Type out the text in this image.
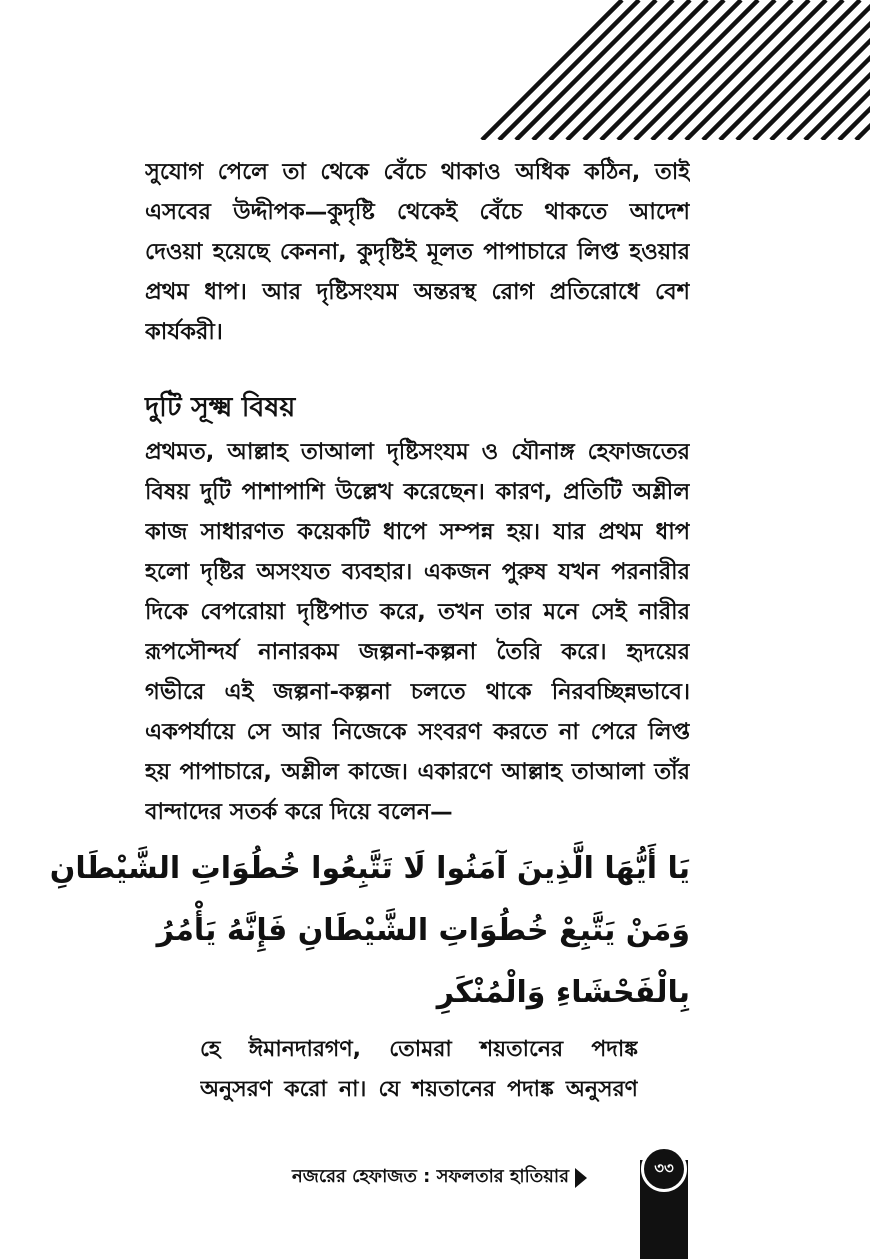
সুযোগ পেলে তা থেকে বেঁচে থাকাও অধিক কঠিন, তাই
এসবের উদ্দীপক—কুদৃষ্টি থেকেই বেঁচে থাকতে আদেশ
দেওয়া হয়েছে কেননা, কুদৃষ্টিই মূলত পাপাচারে লিপ্ত হওয়ার
প্রথম ধাপ। আর দৃষ্টিসংযম অন্তরস্থ রোগ প্রতিরোধে বেশ
কার্যকরী।
দুটি সূক্ষ্ম বিষয়
প্রথমত, আল্লাহ তাআলা দৃষ্টিসংযম ও যৌনাঙ্গ হেফাজতের
বিষয় দুটি পাশাপাশি উল্লেখ করেছেন। কারণ, প্রতিটি অশ্লীল
কাজ সাধারণত কয়েকটি ধাপে সম্পন্ন হয়। যার প্রথম ধাপ
হলো দৃষ্টির অসংযত ব্যবহার। একজন পুরুষ যখন পরনারীর
দিকে বেপরোয়া দৃষ্টিপাত করে, তখন তার মনে সেই নারীর
রূপসৌন্দর্য নানারকম জল্পনা-কল্পনা তৈরি করে। হৃদয়ের
গভীরে এই জল্পনা-কল্পনা চলতে থাকে নিরবচ্ছিন্নভাবে।
একপর্যায়ে সে আর নিজেকে সংবরণ করতে না পেরে লিপ্ত
হয় পাপাচারে, অশ্লীল কাজে। একারণে আল্লাহ তাআলা তাঁর
বান্দাদের সতর্ক করে দিয়ে বলেন—
يَا أَيُّهَا الَّذِينَ آمَنُوا لَا تَتَّبِعُوا خُطُوَاتِ الشَّيْطَانِ
وَمَنْ يَتَّبِعْ خُطُوَاتِ الشَّيْطَانِ فَإِنَّهُ يَأْمُرُ
بِالْفَحْشَاءِ وَالْمُنْكَرِ
হে ঈমানদারগণ, তোমরা শয়তানের পদাঙ্ক
অনুসরণ করো না। যে শয়তানের পদাঙ্ক অনুসরণ
নজরের হেফাজত : সফলতার হাতিয়ার	৩৩
